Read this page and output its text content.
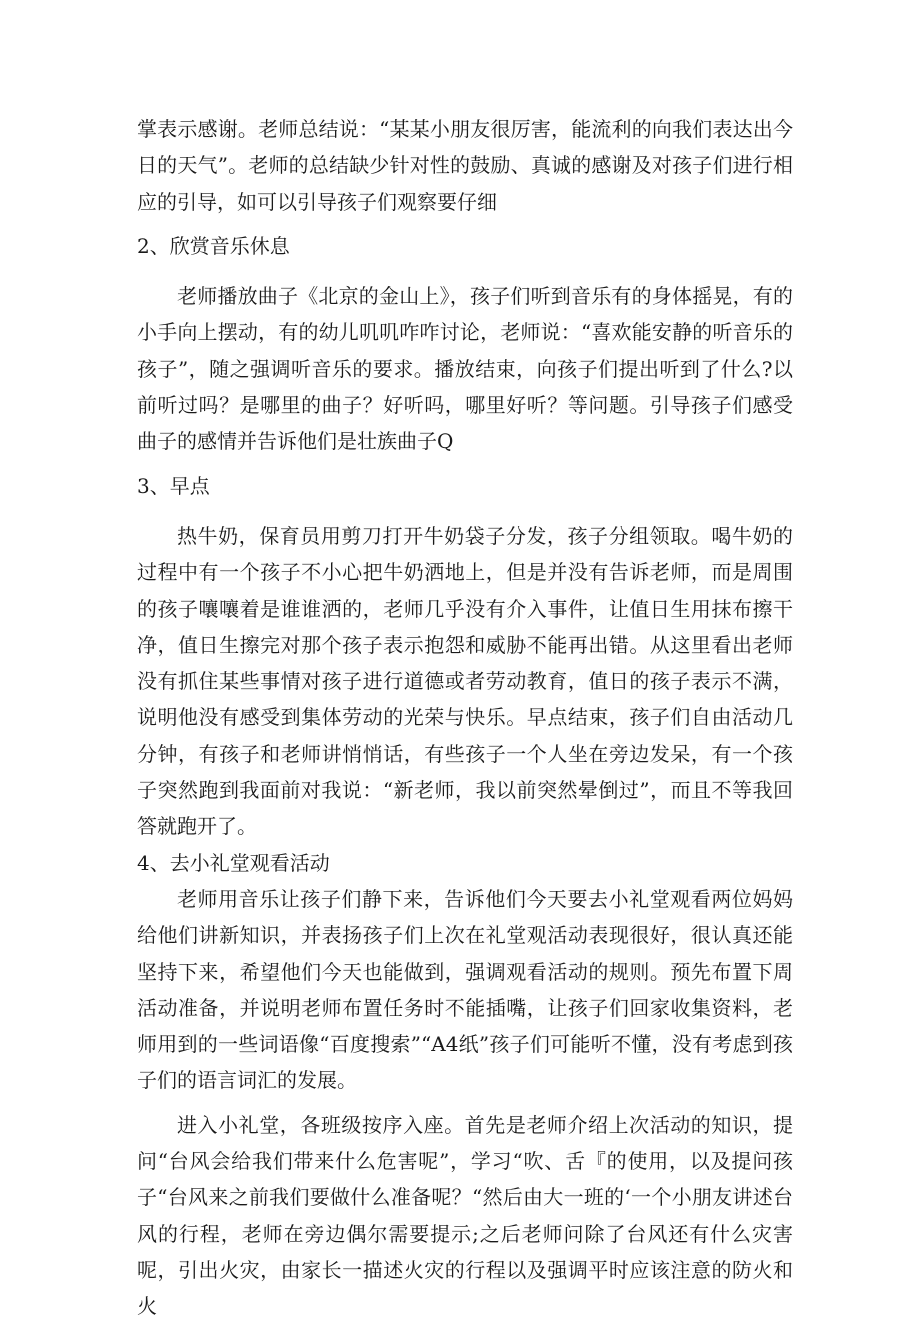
掌表示感谢。老师总结说：“某某小朋友很厉害，能流利的向我们表达出今日的天气”。老师的总结缺少针对性的鼓励、真诚的感谢及对孩子们进行相应的引导，如可以引导孩子们观察要仔细

2、欣赏音乐休息

老师播放曲子《北京的金山上》，孩子们听到音乐有的身体摇晃，有的小手向上摆动，有的幼儿叽叽咋咋讨论，老师说：“喜欢能安静的听音乐的孩子”，随之强调听音乐的要求。播放结束，向孩子们提出听到了什么?以前听过吗？是哪里的曲子？好听吗，哪里好听？等问题。引导孩子们感受曲子的感情并告诉他们是壮族曲子Q

3、早点

热牛奶，保育员用剪刀打开牛奶袋子分发，孩子分组领取。喝牛奶的过程中有一个孩子不小心把牛奶洒地上，但是并没有告诉老师，而是周围的孩子嚷嚷着是谁谁洒的，老师几乎没有介入事件，让值日生用抹布擦干净，值日生擦完对那个孩子表示抱怨和威胁不能再出错。从这里看出老师没有抓住某些事情对孩子进行道德或者劳动教育，值日的孩子表示不满，说明他没有感受到集体劳动的光荣与快乐。早点结束，孩子们自由活动几分钟，有孩子和老师讲悄悄话，有些孩子一个人坐在旁边发呆，有一个孩子突然跑到我面前对我说：“新老师，我以前突然晕倒过”，而且不等我回答就跑开了。

4、去小礼堂观看活动

老师用音乐让孩子们静下来，告诉他们今天要去小礼堂观看两位妈妈给他们讲新知识，并表扬孩子们上次在礼堂观活动表现很好，很认真还能坚持下来，希望他们今天也能做到，强调观看活动的规则。预先布置下周活动准备，并说明老师布置任务时不能插嘴，让孩子们回家收集资料，老师用到的一些词语像“百度搜索”“A4纸”孩子们可能听不懂，没有考虑到孩子们的语言词汇的发展。

进入小礼堂，各班级按序入座。首先是老师介绍上次活动的知识，提问“台风会给我们带来什么危害呢”，学习“吹、舌『的使用，以及提问孩子“台风来之前我们要做什么准备呢？“然后由大一班的‘一个小朋友讲述台风的行程，老师在旁边偶尔需要提示;之后老师问除了台风还有什么灾害呢，引出火灾，由家长一描述火灾的行程以及强调平时应该注意的防火和火
